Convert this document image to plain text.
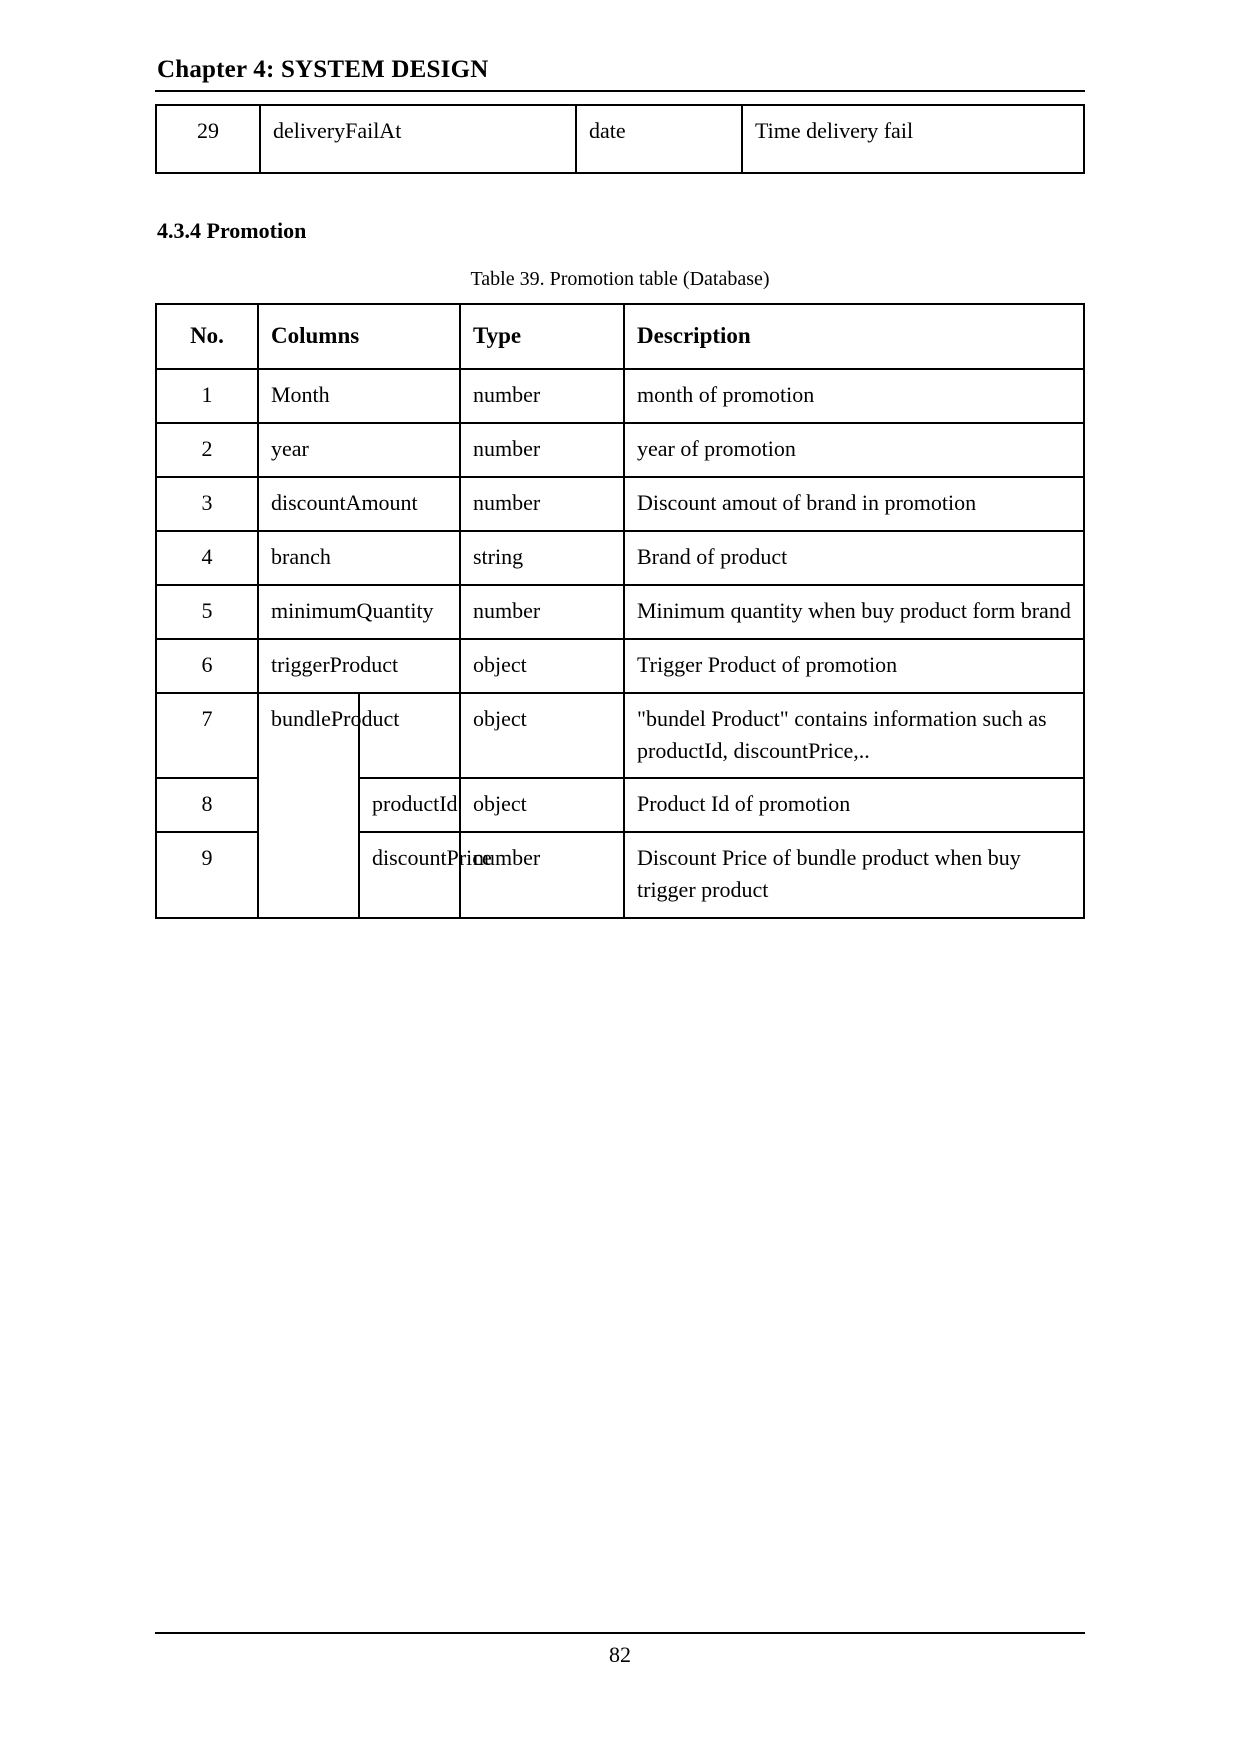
Chapter 4: SYSTEM DESIGN
29	deliveryFailAt	date	Time delivery fail
4.3.4 Promotion
Table 39. Promotion table (Database)
No.	Columns		Type	Description
1	Month		number	month of promotion
2	year		number	year of promotion
3	discountAmount		number	Discount amout of brand in promotion
4	branch		string	Brand of product
5	minimumQuantity		number	Minimum quantity when buy product form brand
6	triggerProduct		object	Trigger Product of promotion
7	bundleProduct		object	"bundel Product" contains information such as productId, discountPrice,..
8		productId	object	Product Id of promotion
9		discountPrice	number	Discount Price of bundle product when buy trigger product
82
